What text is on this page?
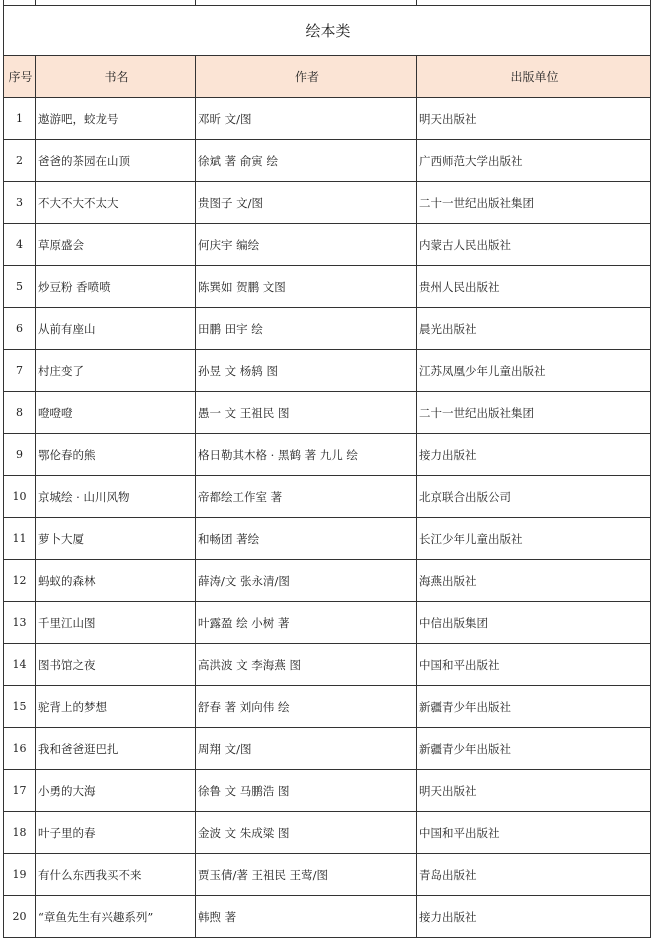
绘本类			
序号	书名	作者	出版单位
1	遨游吧，蛟龙号	邓昕 文/图	明天出版社
2	爸爸的茶园在山顶	徐斌 著 俞寅 绘	广西师范大学出版社
3	不大不大不太大	贵图子 文/图	二十一世纪出版社集团
4	草原盛会	何庆宇 编绘	内蒙古人民出版社
5	炒豆粉 香喷喷	陈巽如 贺鹏 文图	贵州人民出版社
6	从前有座山	田鹏 田宇 绘	晨光出版社
7	村庄变了	孙昱 文 杨鸫 图	江苏凤凰少年儿童出版社
8	噔噔噔	愚一 文 王祖民 图	二十一世纪出版社集团
9	鄂伦春的熊	格日勒其木格 · 黑鹤 著 九儿 绘	接力出版社
10	京城绘 · 山川风物	帝都绘工作室 著	北京联合出版公司
11	萝卜大厦	和畅团 著绘	长江少年儿童出版社
12	蚂蚁的森林	薛涛/文 张永清/图	海燕出版社
13	千里江山图	叶露盈 绘 小树 著	中信出版集团
14	图书馆之夜	高洪波 文 李海燕 图	中国和平出版社
15	驼背上的梦想	舒春 著 刘向伟 绘	新疆青少年出版社
16	我和爸爸逛巴扎	周翔 文/图	新疆青少年出版社
17	小勇的大海	徐鲁 文 马鹏浩 图	明天出版社
18	叶子里的春	金波 文 朱成粱 图	中国和平出版社
19	有什么东西我买不来	贾玉倩/著 王祖民 王莺/图	青岛出版社
20	“章鱼先生有兴趣系列”	韩煦 著	接力出版社
